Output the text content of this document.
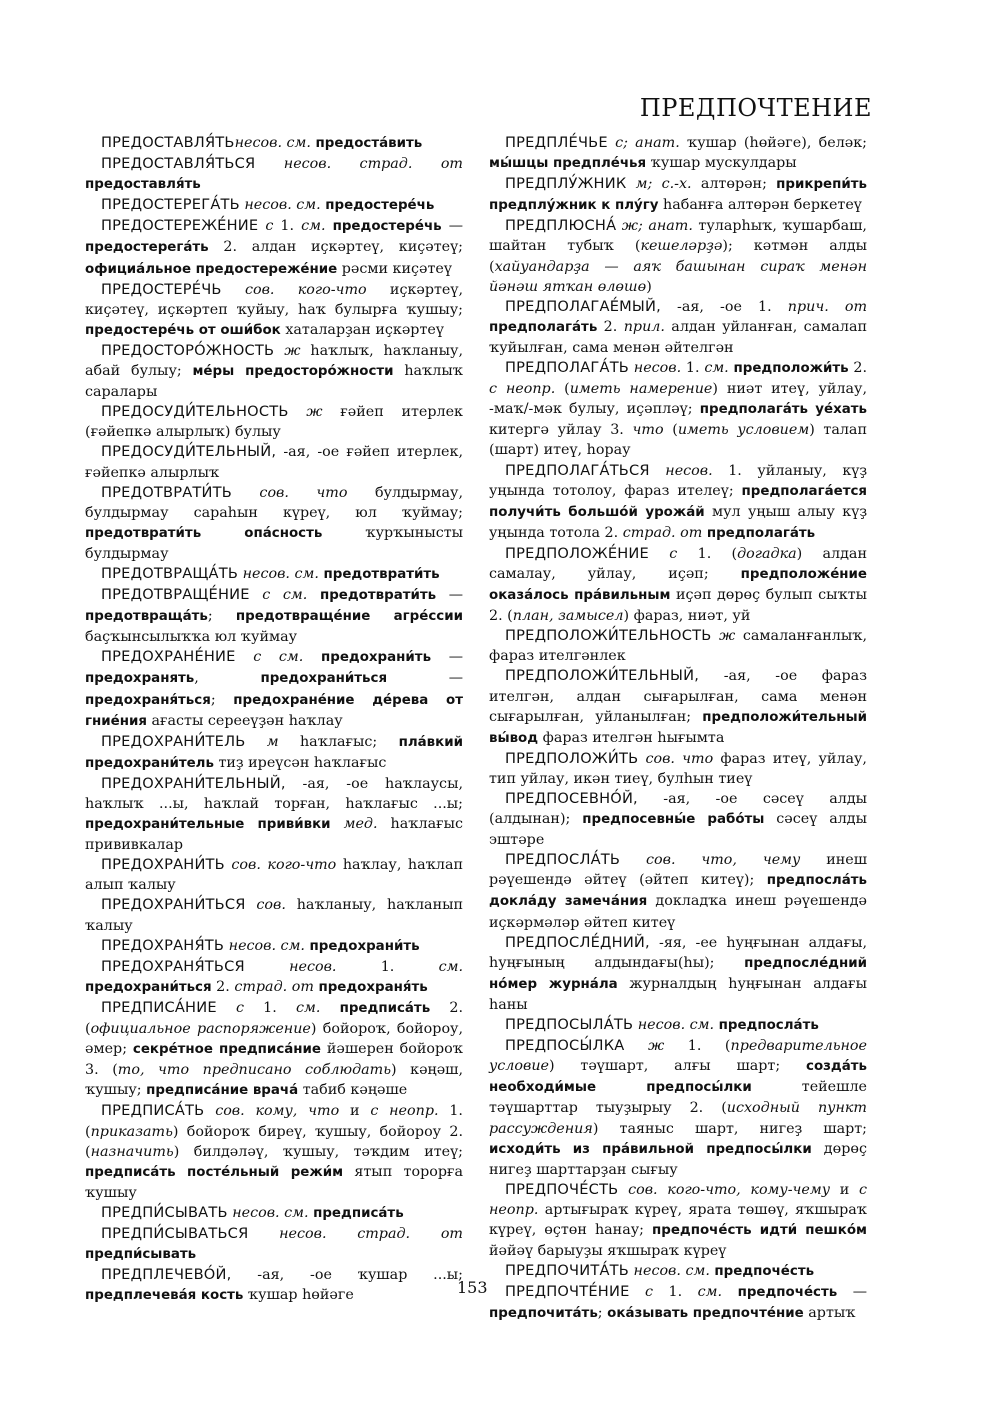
ПРЕДПОЧТЕНИЕ

ПРЕДОСТАВЛЯ́ТЬнесов. см. предоста́вить

ПРЕДОСТАВЛЯ́ТЬСЯ несов. страд. от предоставля́ть

ПРЕДОСТЕРЕГА́ТЬ несов. см. предостере́чь

ПРЕДОСТЕРЕЖЕ́НИЕ с 1. см. предостере́чь — предостерега́ть 2. алдан иҫкәртеү, киҫәтеү; официа́льное предостереже́ние рәсми киҫәтеү

ПРЕДОСТЕРЕ́ЧЬ сов. кого-что иҫкәртеү, киҫәтеү, иҫкәртеп ҡуйыу, һаҡ булырға ҡушыу; предостере́чь от оши́бок хаталарҙан иҫкәртеү

ПРЕДОСТОРО́ЖНОСТЬ ж һаҡлыҡ, һаҡланыу, абай булыу; ме́ры предосторо́жности һаҡлыҡ саралары

ПРЕДОСУДИ́ТЕЛЬНОСТЬ ж ғәйеп итерлек (ғәйепкә алырлыҡ) булыу

ПРЕДОСУДИ́ТЕЛЬНЫЙ, -ая, -ое ғәйеп итерлек, ғәйепкә алырлыҡ

ПРЕДОТВРАТИ́ТЬ сов. что булдырмау, булдырмау сараһын күреү, юл ҡуймау; предотврати́ть опа́сность ҡурҡынысты булдырмау

ПРЕДОТВРАЩА́ТЬ несов. см. предотврати́ть

ПРЕДОТВРАЩЕ́НИЕ с см. предотврати́ть — предотвраща́ть; предотвраще́ние агре́ссии баҫҡынсылыҡҡа юл ҡуймау

ПРЕДОХРАНЕ́НИЕ с см. предохрани́ть — предохранять, предохрани́ться — предохраня́ться; предохране́ние де́рева от гние́ния ағасты серееүҙән һаҡлау

ПРЕДОХРАНИ́ТЕЛЬ м һаҡлағыс; пла́вкий предохрани́тель тиҙ иреүсән һаҡлағыс

ПРЕДОХРАНИ́ТЕЛЬНЫЙ, -ая, -ое һаҡлаусы, һаҡлыҡ ...ы, һаҡлай торған, һаҡлағыс ...ы; предохрани́тельные приви́вки мед. һаҡлағыс прививкалар

ПРЕДОХРАНИ́ТЬ сов. кого-что һаҡлау, һаҡлап алып ҡалыу

ПРЕДОХРАНИ́ТЬСЯ сов. һаҡланыу, һаҡланып ҡалыу

ПРЕДОХРАНЯ́ТЬ несов. см. предохрани́ть

ПРЕДОХРАНЯ́ТЬСЯ несов. 1. см. предохрани́ться 2. страд. от предохраня́ть

ПРЕДПИСА́НИЕ с 1. см. предписа́ть 2. (официальное распоряжение) бойороҡ, бойороу, әмер; секре́тное предписа́ние йәшерен бойороҡ 3. (то, что предписано соблюдать) кәңәш, ҡушыу; предписа́ние врача́ табиб кәңәше

ПРЕДПИСА́ТЬ сов. кому, что и с неопр. 1. (приказать) бойороҡ биреү, ҡушыу, бойороу 2. (назначить) билдәләү, ҡушыу, тәҡдим итеү; предписа́ть посте́льный режи́м ятып торорға ҡушыу

ПРЕДПИ́СЫВАТЬ несов. см. предписа́ть

ПРЕДПИ́СЫВАТЬСЯ несов. страд. от предпи́сывать

ПРЕДПЛЕЧЕВО́Й, -ая, -ое ҡушар ...ы; предплечева́я кость ҡушар һөйәге

ПРЕДПЛЕ́ЧЬЕ с; анат. ҡушар (һөйәге), беләк; мы́шцы предпле́чья ҡушар мускулдары

ПРЕДПЛУ́ЖНИК м; с.-х. алтөрән; прикрепи́ть предплу́жник к плу́гу һабанға алтөрән беркетеү

ПРЕДПЛЮСНА́ ж; анат. туларһыҡ, ҡушарбаш, шайтан тубыҡ (кешеләрҙә); кәтмән алды (хайуандарҙа — аяҡ башынан сираҡ менән йәнәш ятҡан өлөшө)

ПРЕДПОЛАГАЕ́МЫЙ, -ая, -ое 1. прич. от предполага́ть 2. прил. алдан уйланған, самалап ҡуйылған, сама менән әйтелгән

ПРЕДПОЛАГА́ТЬ несов. 1. см. предположи́ть 2. с неопр. (иметь намерение) ниәт итеү, уйлау, -маҡ/-мәк булыу, иҫәпләү; предполага́ть уе́хать китергә уйлау 3. что (иметь условием) талап (шарт) итеү, һорау

ПРЕДПОЛАГА́ТЬСЯ несов. 1. уйланыу, күҙ уңында тотолоу, фараз ителеү; предполага́ется получи́ть большо́й урожа́й мул уңыш алыу күҙ уңында тотола 2. страд. от предполага́ть

ПРЕДПОЛОЖЕ́НИЕ с 1. (догадка) алдан самалау, уйлау, иҫәп; предположе́ние оказа́лось пра́вильным иҫәп дөрөҫ булып сыҡты 2. (план, замысел) фараз, ниәт, уй

ПРЕДПОЛОЖИ́ТЕЛЬНОСТЬ ж самаланғанлыҡ, фараз ителгәнлек

ПРЕДПОЛОЖИ́ТЕЛЬНЫЙ, -ая, -ое фараз ителгән, алдан сығарылған, сама менән сығарылған, уйланылған; предположи́тельный вы́вод фараз ителгән һығымта

ПРЕДПОЛОЖИ́ТЬ сов. что фараз итеү, уйлау, тип уйлау, икән тиеү, булһын тиеү

ПРЕДПОСЕВНО́Й, -ая, -ое сәсеү алды (алдынан); предпосевны́е рабо́ты сәсеү алды эштәре

ПРЕДПОСЛА́ТЬ сов. что, чему инеш рәүешендә әйтеү (әйтеп китеү); предпосла́ть докла́ду замеча́ния докладҡа инеш рәүешендә иҫкәрмәләр әйтеп китеү

ПРЕДПОСЛЕ́ДНИЙ, -яя, -ее һуңғынан алдағы, һуңғының алдындағы(һы); предпосле́дний но́мер журна́ла журналдың һуңғынан алдағы һаны

ПРЕДПОСЫЛА́ТЬ несов. см. предпосла́ть

ПРЕДПОСЫ́ЛКА ж 1. (предварительное условие) тәүшарт, алғы шарт; созда́ть необходи́мые предпосы́лки тейешле тәүшарттар тыуҙырыу 2. (исходный пункт рассуждения) таяныс шарт, нигеҙ шарт; исходи́ть из пра́вильной предпосы́лки дөрөҫ нигеҙ шарттарҙан сығыу

ПРЕДПОЧЕ́СТЬ сов. кого-что, кому-чему и с неопр. артығыраҡ күреү, ярата төшөү, яҡшыраҡ күреү, өҫтөн һанау; предпоче́сть идти́ пешко́м йәйәү барыуҙы яҡшыраҡ күреү

ПРЕДПОЧИТА́ТЬ несов. см. предпоче́сть

ПРЕДПОЧТЕ́НИЕ с 1. см. предпоче́сть — предпочита́ть; ока́зывать предпочте́ние артыҡ

153
